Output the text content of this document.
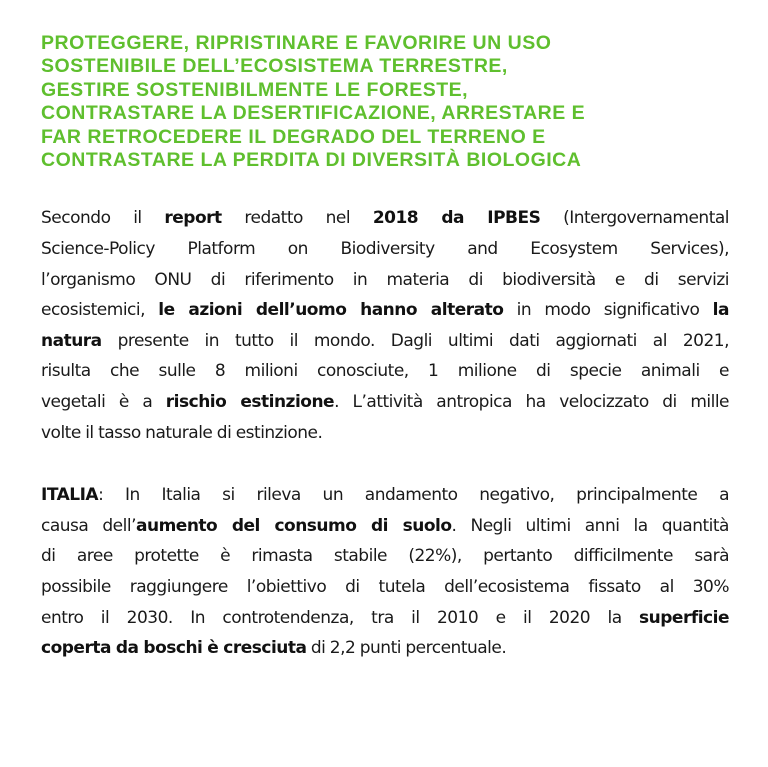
PROTEGGERE, RIPRISTINARE E FAVORIRE UN USO
SOSTENIBILE DELL’ECOSISTEMA TERRESTRE,
GESTIRE SOSTENIBILMENTE LE FORESTE,
CONTRASTARE LA DESERTIFICAZIONE, ARRESTARE E
FAR RETROCEDERE IL DEGRADO DEL TERRENO E
CONTRASTARE LA PERDITA DI DIVERSITÀ BIOLOGICA
Secondo il report redatto nel 2018 da IPBES (Intergovernamental
Science-Policy Platform on Biodiversity and Ecosystem Services),
l’organismo ONU di riferimento in materia di biodiversità e di servizi
ecosistemici, le azioni dell’uomo hanno alterato in modo significativo la
natura presente in tutto il mondo. Dagli ultimi dati aggiornati al 2021,
risulta che sulle 8 milioni conosciute, 1 milione di specie animali e
vegetali è a rischio estinzione. L’attività antropica ha velocizzato di mille
volte il tasso naturale di estinzione.
ITALIA: In Italia si rileva un andamento negativo, principalmente a
causa dell’aumento del consumo di suolo. Negli ultimi anni la quantità
di aree protette è rimasta stabile (22%), pertanto difficilmente sarà
possibile raggiungere l’obiettivo di tutela dell’ecosistema fissato al 30%
entro il 2030. In controtendenza, tra il 2010 e il 2020 la superficie
coperta da boschi è cresciuta di 2,2 punti percentuale.
